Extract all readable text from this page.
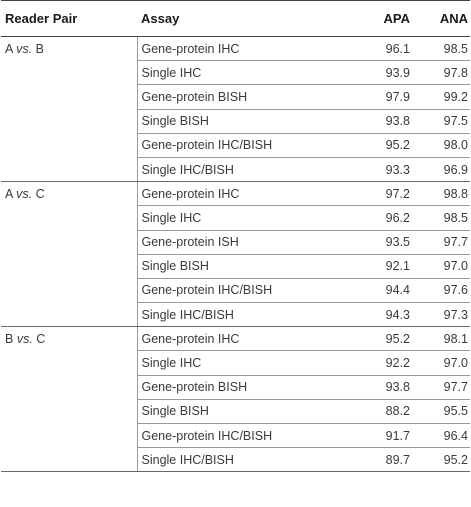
Reader Pair	Assay	APA	ANA
A vs. B	Gene-protein IHC	96.1	98.5
	Single IHC	93.9	97.8
	Gene-protein BISH	97.9	99.2
	Single BISH	93.8	97.5
	Gene-protein IHC/BISH	95.2	98.0
	Single IHC/BISH	93.3	96.9
A vs. C	Gene-protein IHC	97.2	98.8
	Single IHC	96.2	98.5
	Gene-protein ISH	93.5	97.7
	Single BISH	92.1	97.0
	Gene-protein IHC/BISH	94.4	97.6
	Single IHC/BISH	94.3	97.3
B vs. C	Gene-protein IHC	95.2	98.1
	Single IHC	92.2	97.0
	Gene-protein BISH	93.8	97.7
	Single BISH	88.2	95.5
	Gene-protein IHC/BISH	91.7	96.4
	Single IHC/BISH	89.7	95.2
